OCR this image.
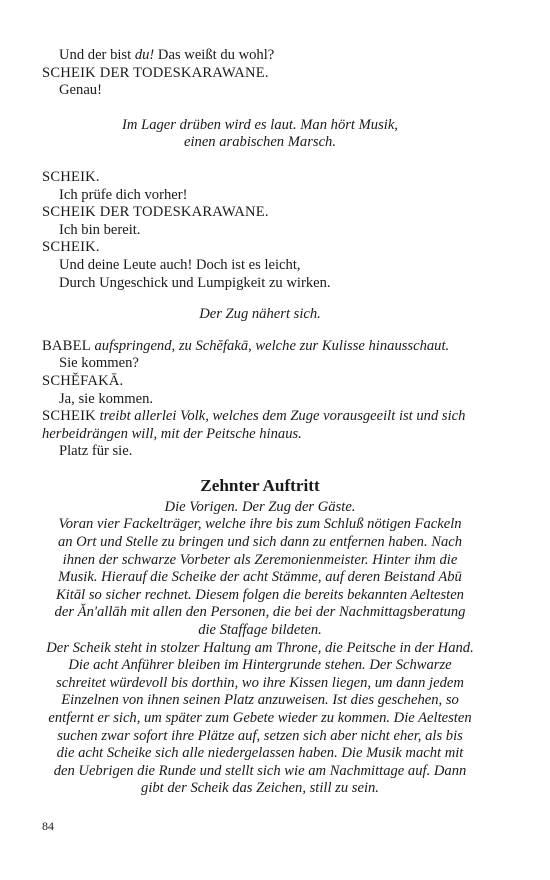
Und der bist du! Das weißt du wohl?
SCHEIK DER TODESKARAWANE.
Genau!
Im Lager drüben wird es laut. Man hört Musik,
einen arabischen Marsch.
SCHEIK.
Ich prüfe dich vorher!
SCHEIK DER TODESKARAWANE.
Ich bin bereit.
SCHEIK.
Und deine Leute auch! Doch ist es leicht,
Durch Ungeschick und Lumpigkeit zu wirken.
Der Zug nähert sich.
BABEL aufspringend, zu Schĕfakā, welche zur Kulisse hinausschaut.
Sie kommen?
SCHĔFAKĀ.
Ja, sie kommen.
SCHEIK treibt allerlei Volk, welches dem Zuge vorausgeeilt ist und sich
herbeidrängen will, mit der Peitsche hinaus.
Platz für sie.
Zehnter Auftritt
Die Vorigen. Der Zug der Gäste.
Voran vier Fackelträger, welche ihre bis zum Schluß nötigen Fackeln
an Ort und Stelle zu bringen und sich dann zu entfernen haben. Nach
ihnen der schwarze Vorbeter als Zeremonienmeister. Hinter ihm die
Musik. Hierauf die Scheike der acht Stämme, auf deren Beistand Abū
Kitāl so sicher rechnet. Diesem folgen die bereits bekannten Aeltesten
der Ăn'allāh mit allen den Personen, die bei der Nachmittagsberatung
die Staffage bildeten.
Der Scheik steht in stolzer Haltung am Throne, die Peitsche in der Hand.
Die acht Anführer bleiben im Hintergrunde stehen. Der Schwarze
schreitet würdevoll bis dorthin, wo ihre Kissen liegen, um dann jedem
Einzelnen von ihnen seinen Platz anzuweisen. Ist dies geschehen, so
entfernt er sich, um später zum Gebete wieder zu kommen. Die Aeltesten
suchen zwar sofort ihre Plätze auf, setzen sich aber nicht eher, als bis
die acht Scheike sich alle niedergelassen haben. Die Musik macht mit
den Uebrigen die Runde und stellt sich wie am Nachmittage auf. Dann
gibt der Scheik das Zeichen, still zu sein.
84
